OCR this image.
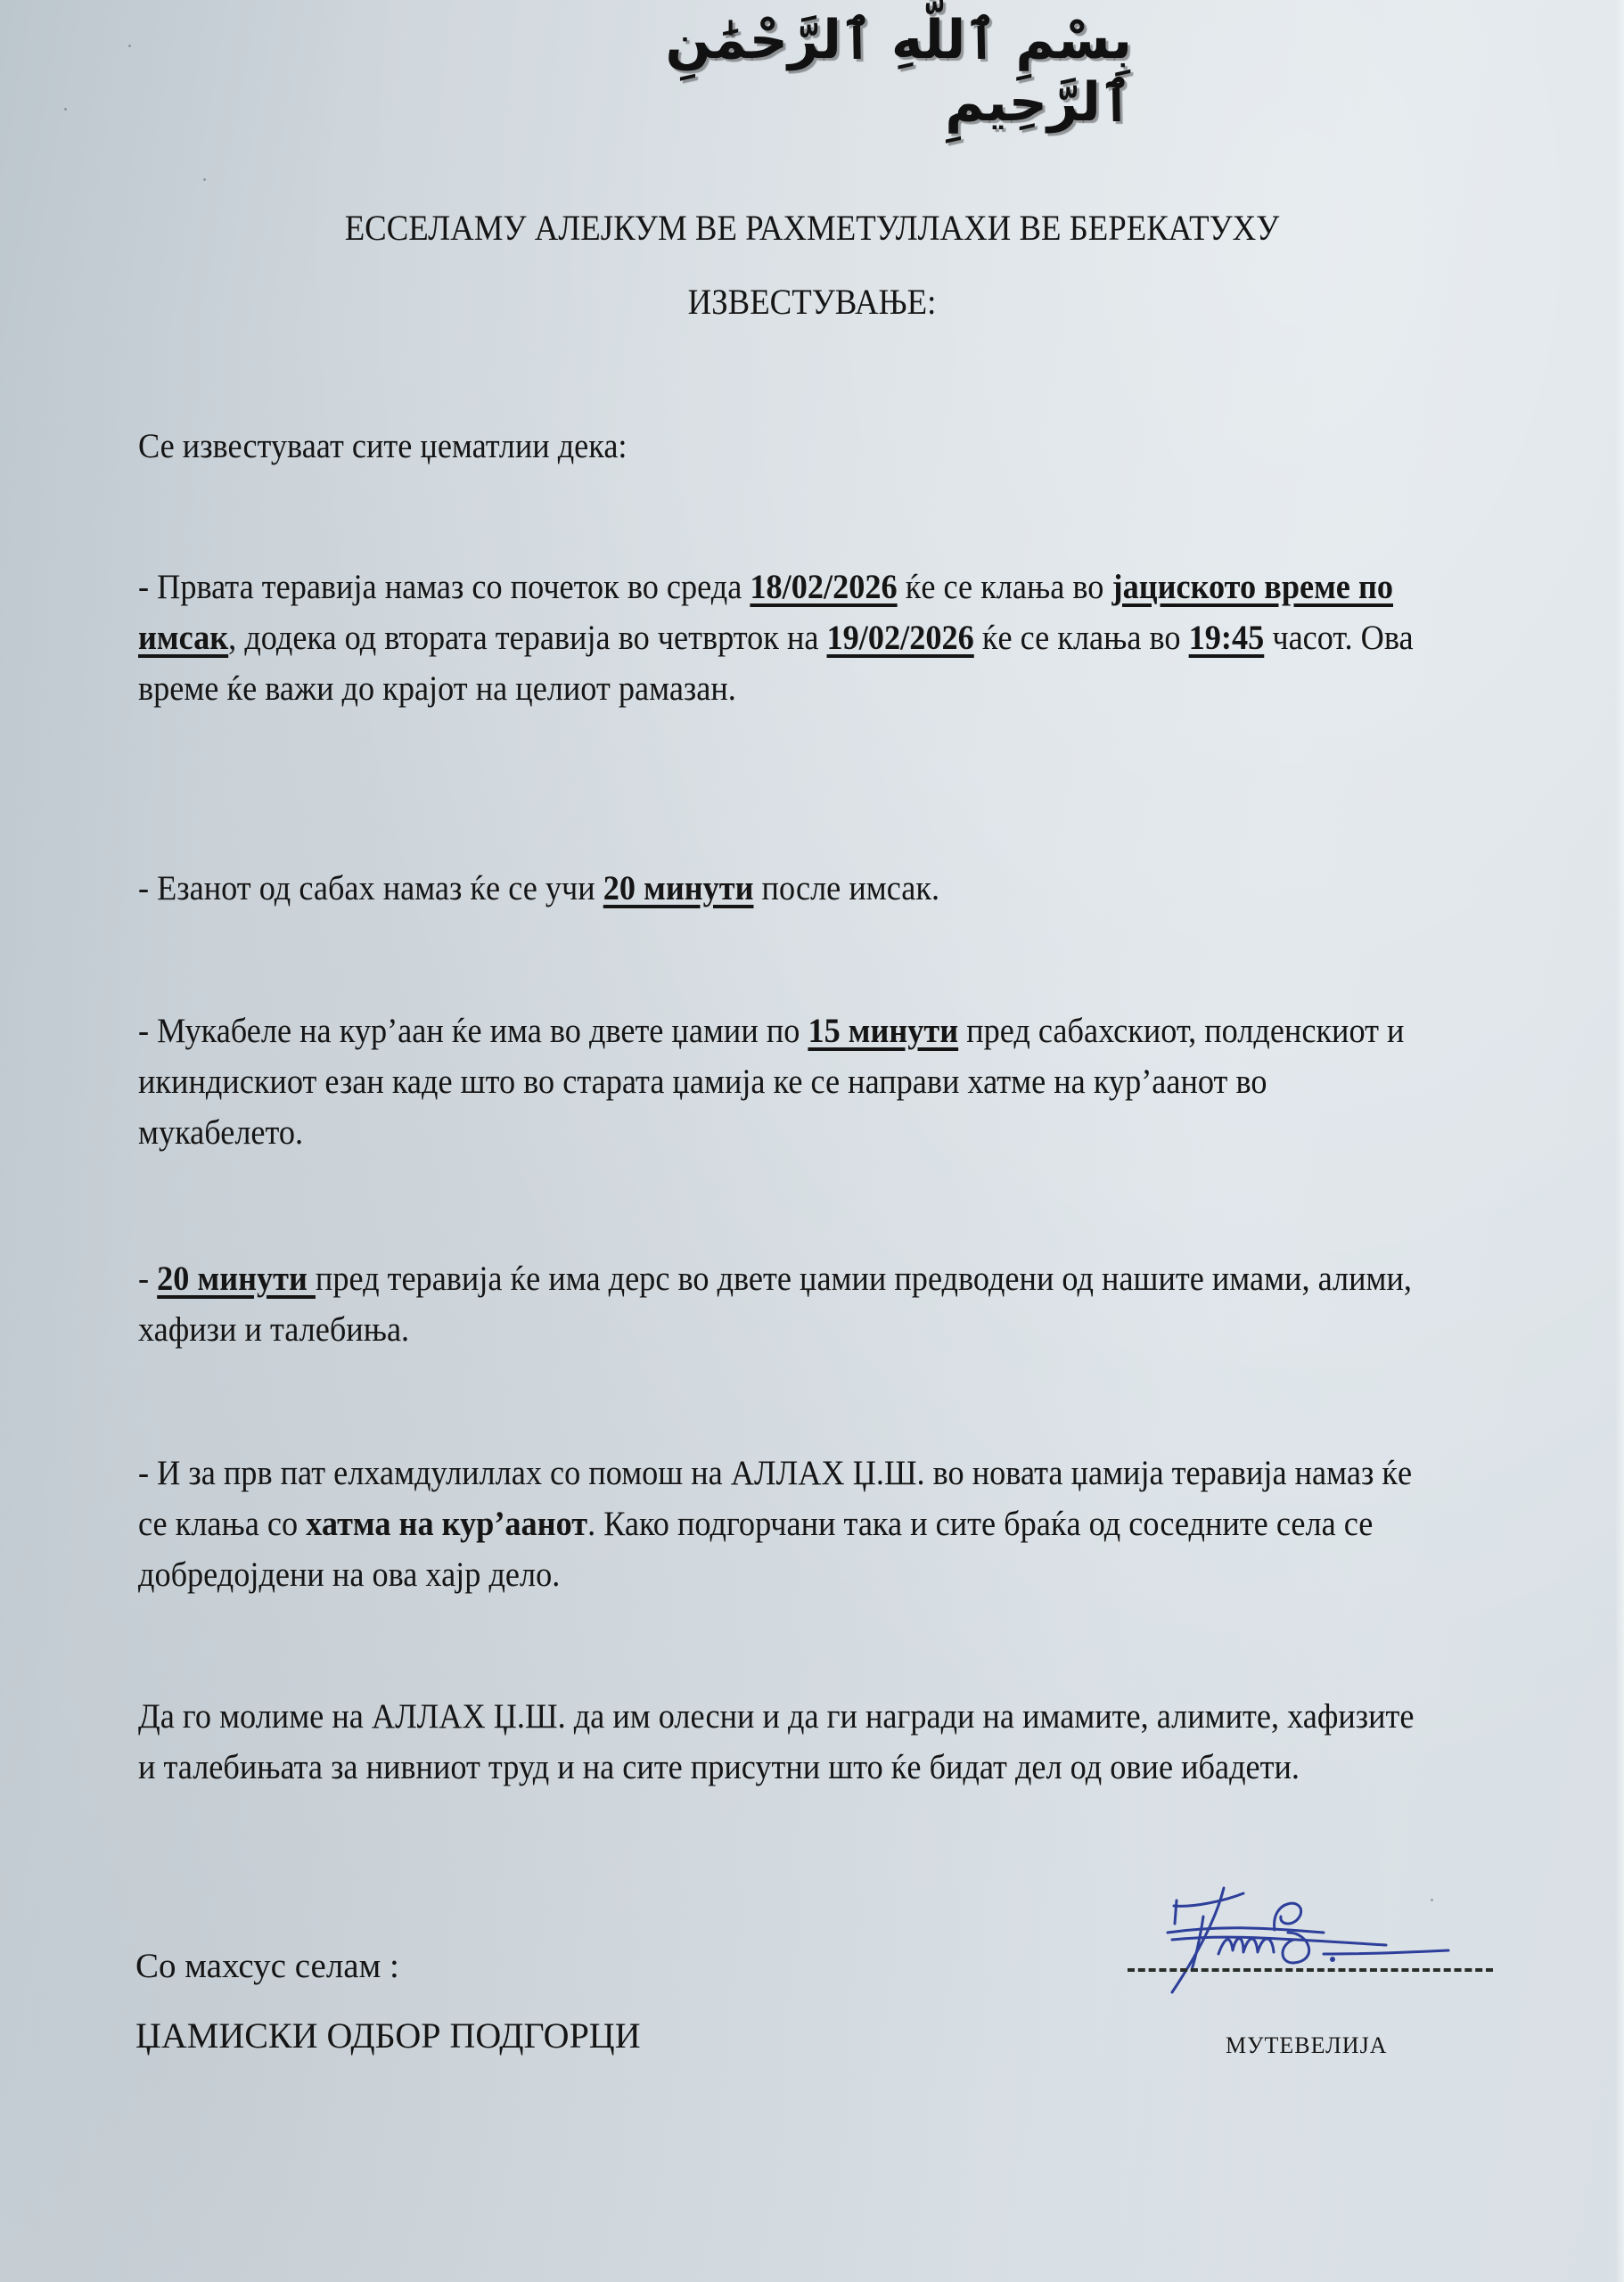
بِسْمِ ٱللَّهِ ٱلرَّحْمَٰنِ ٱلرَّحِيمِ
ЕССЕЛАМУ АЛЕЈКУМ ВЕ РАХМЕТУЛЛАХИ ВЕ БЕРЕКАТУХУ
ИЗВЕСТУВАЊЕ:
Се известуваат сите џематлии дека:
- Првата теравија намаз со почеток во среда 18/02/2026 ќе се клања во јациското време по имсак, додека од втората теравија во четврток на 19/02/2026 ќе се клања во 19:45 часот. Ова време ќе важи до крајот на целиот рамазан.
- Езанот од сабах намаз ќе се учи 20 минути после имсак.
- Мукабеле на кур’аан ќе има во двете џамии по 15 минути пред сабахскиот, полденскиот и икиндискиот езан каде што во старата џамија ке се направи хатме на кур’аанот во мукабелето.
- 20 минути пред теравија ќе има дерс во двете џамии предводени од нашите имами, алими, хафизи и талебиња.
- И за прв пат елхамдулиллах со помош на АЛЛАХ Џ.Ш. во новата џамија теравија намаз ќе се клања со хатма на кур’аанот. Како подгорчани така и сите браќа од соседните села се добредојдени на ова хајр дело.
Да го молиме на АЛЛАХ Џ.Ш. да им олесни и да ги награди на имамите, алимите, хафизите и талебињата за нивниот труд и на сите присутни што ќе бидат дел од овие ибадети.
Со махсус селам :
ЏАМИСКИ ОДБОР ПОДГОРЦИ	МУТЕВЕЛИЈА
